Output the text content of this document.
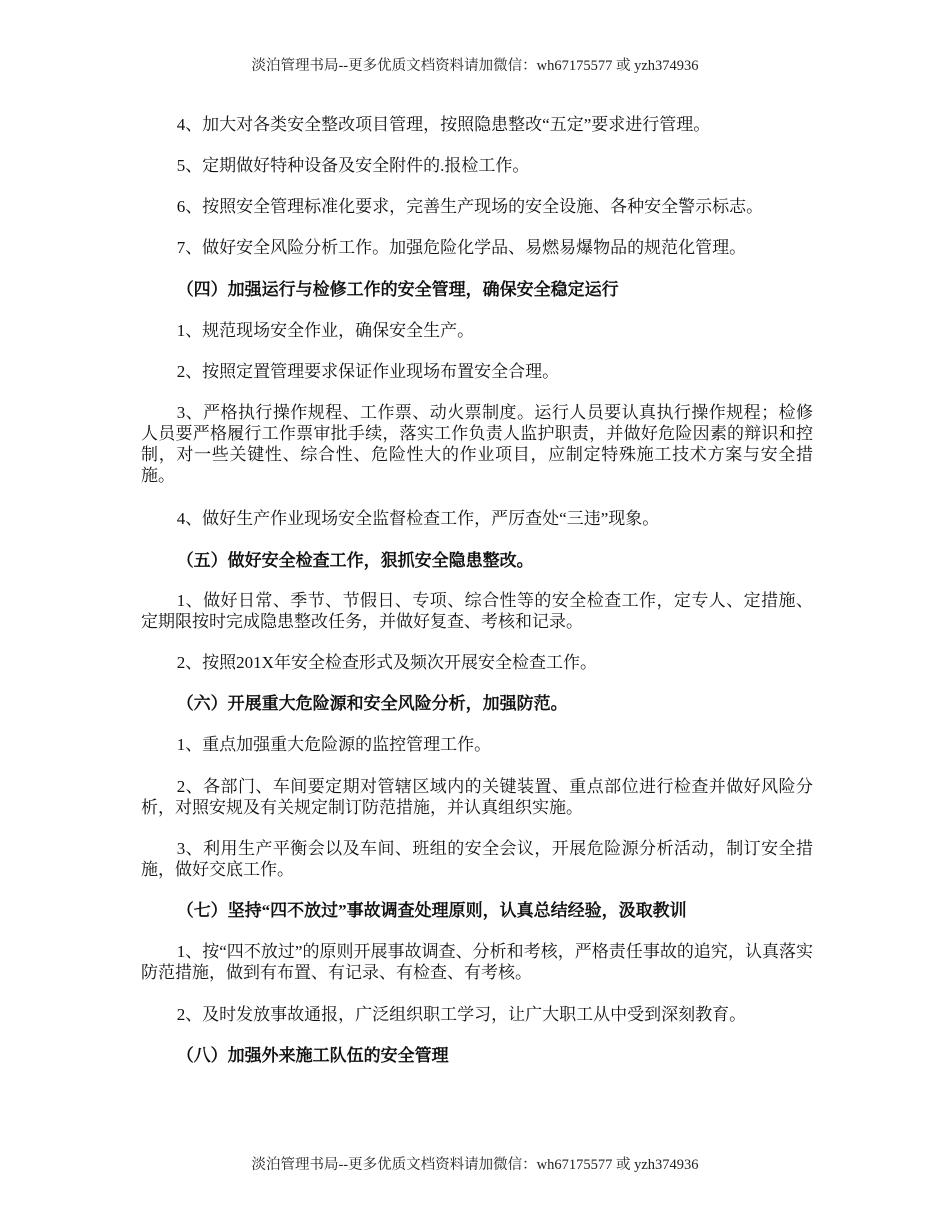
淡泊管理书局--更多优质文档资料请加微信：wh67175577 或 yzh374936
4、加大对各类安全整改项目管理，按照隐患整改“五定”要求进行管理。
5、定期做好特种设备及安全附件的.报检工作。
6、按照安全管理标准化要求，完善生产现场的安全设施、各种安全警示标志。
7、做好安全风险分析工作。加强危险化学品、易燃易爆物品的规范化管理。
（四）加强运行与检修工作的安全管理，确保安全稳定运行
1、规范现场安全作业，确保安全生产。
2、按照定置管理要求保证作业现场布置安全合理。
3、严格执行操作规程、工作票、动火票制度。运行人员要认真执行操作规程；检修人员要严格履行工作票审批手续，落实工作负责人监护职责，并做好危险因素的辩识和控制，对一些关键性、综合性、危险性大的作业项目，应制定特殊施工技术方案与安全措施。
4、做好生产作业现场安全监督检查工作，严厉查处“三违”现象。
（五）做好安全检查工作，狠抓安全隐患整改。
1、做好日常、季节、节假日、专项、综合性等的安全检查工作，定专人、定措施、定期限按时完成隐患整改任务，并做好复查、考核和记录。
2、按照201X年安全检查形式及频次开展安全检查工作。
（六）开展重大危险源和安全风险分析，加强防范。
1、重点加强重大危险源的监控管理工作。
2、各部门、车间要定期对管辖区域内的关键装置、重点部位进行检查并做好风险分析，对照安规及有关规定制订防范措施，并认真组织实施。
3、利用生产平衡会以及车间、班组的安全会议，开展危险源分析活动，制订安全措施，做好交底工作。
（七）坚持“四不放过”事故调查处理原则，认真总结经验，汲取教训
1、按“四不放过”的原则开展事故调查、分析和考核，严格责任事故的追究，认真落实防范措施，做到有布置、有记录、有检查、有考核。
2、及时发放事故通报，广泛组织职工学习，让广大职工从中受到深刻教育。
（八）加强外来施工队伍的安全管理
淡泊管理书局--更多优质文档资料请加微信：wh67175577 或 yzh374936
